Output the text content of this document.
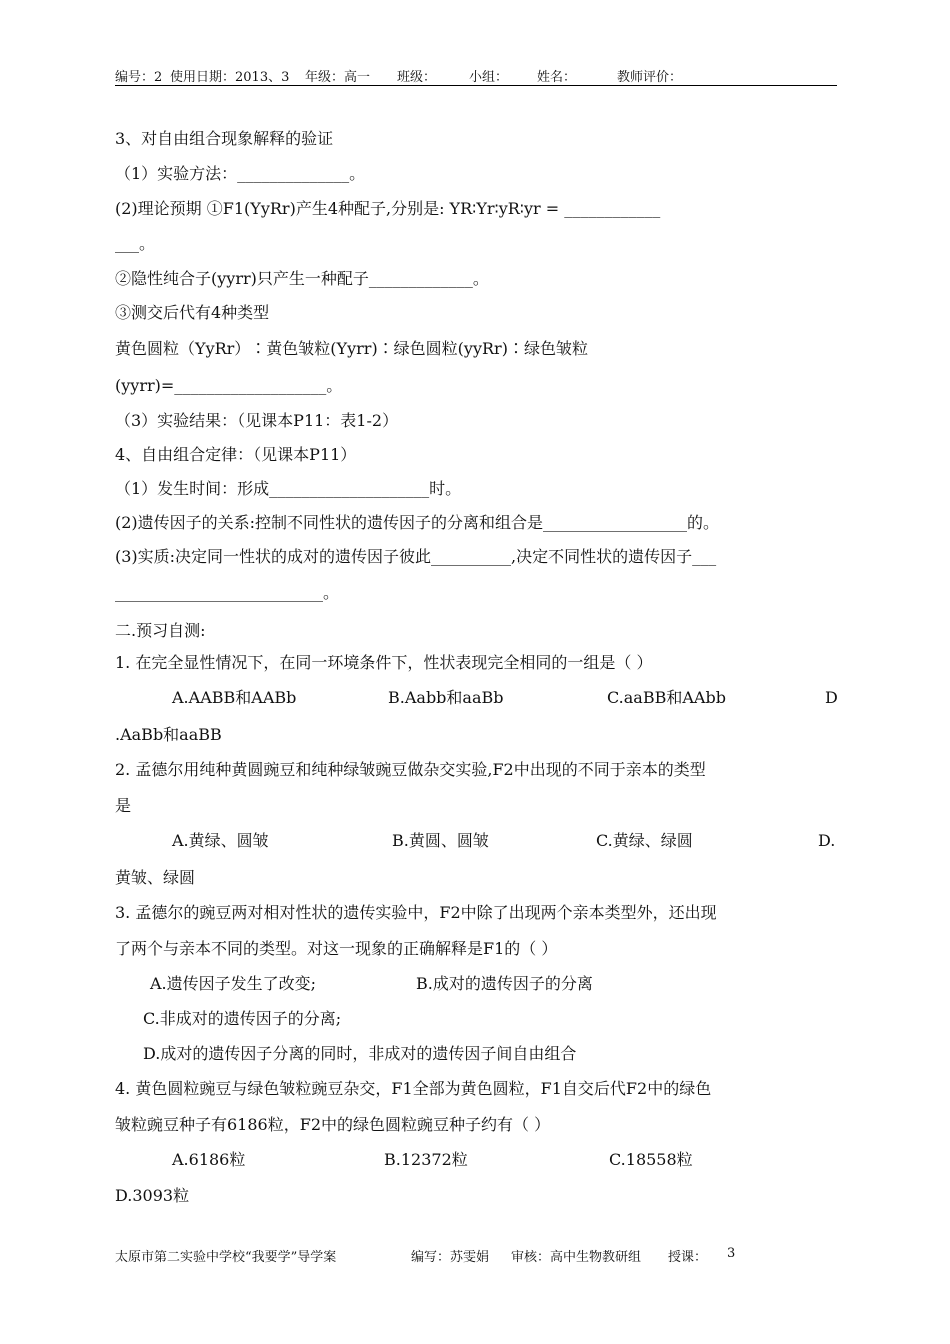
编号：2 使用日期：2013、3 年级：高一 班级：	小组： 姓名：	教师评价：
3、对自由组合现象解释的验证
（1）实验方法：______________。
(2)理论预期 ①F1(YyRr)产生4种配子,分别是: YR∶Yr∶yR∶yr = ____________
___。
②隐性纯合子(yyrr)只产生一种配子_____________。
③测交后代有4种类型
黄色圆粒（YyRr）∶黄色皱粒(Yyrr)∶绿色圆粒(yyRr)∶绿色皱粒
(yyrr)=___________________。
（3）实验结果：（见课本P11：表1-2）
4、自由组合定律：（见课本P11）
（1）发生时间：形成____________________时。
(2)遗传因子的关系:控制不同性状的遗传因子的分离和组合是__________________的。
(3)实质:决定同一性状的成对的遗传因子彼此__________,决定不同性状的遗传因子___
__________________________。
二.预习自测:
1. 在完全显性情况下，在同一环境条件下，性状表现完全相同的一组是（ ）
A.AABB和AABb	B.Aabb和aaBb	C.aaBB和AAbb	D
.AaBb和aaBB
2. 孟德尔用纯种黄圆豌豆和纯种绿皱豌豆做杂交实验,F2中出现的不同于亲本的类型
是
A.黄绿、圆皱	B.黄圆、圆皱	C.黄绿、绿圆	D.
黄皱、绿圆
3. 孟德尔的豌豆两对相对性状的遗传实验中，F2中除了出现两个亲本类型外，还出现
了两个与亲本不同的类型。对这一现象的正确解释是F1的（ ）
A.遗传因子发生了改变;	B.成对的遗传因子的分离
C.非成对的遗传因子的分离;
D.成对的遗传因子分离的同时，非成对的遗传因子间自由组合
4. 黄色圆粒豌豆与绿色皱粒豌豆杂交，F1全部为黄色圆粒，F1自交后代F2中的绿色
皱粒豌豆种子有6186粒，F2中的绿色圆粒豌豆种子约有（ ）
A.6186粒	B.12372粒	C.18558粒
D.3093粒
太原市第二实验中学校“我要学”导学案	编写：苏雯娟 审核：高中生物教研组 授课： 3
